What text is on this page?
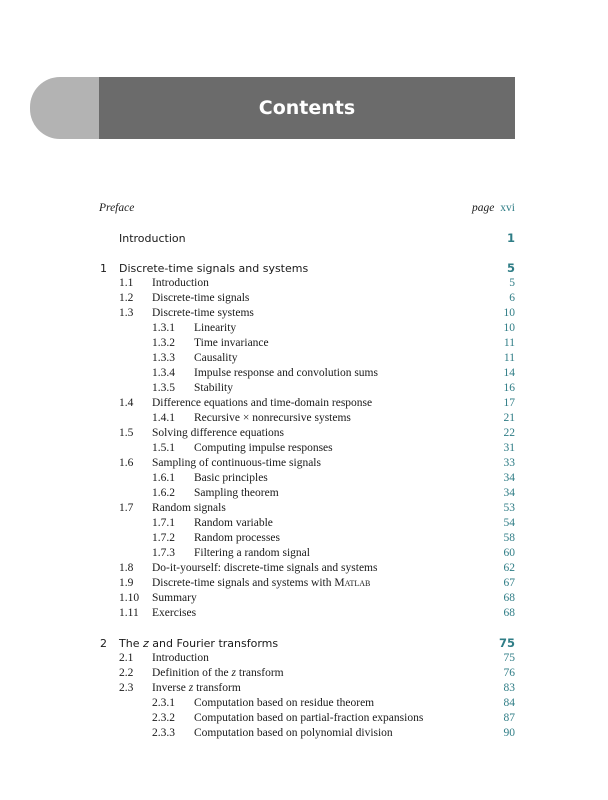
Contents
Preface	page xvi
Introduction	1
1 Discrete-time signals and systems	5
1.1 Introduction	5
1.2 Discrete-time signals	6
1.3 Discrete-time systems	10
1.3.1 Linearity	10
1.3.2 Time invariance	11
1.3.3 Causality	11
1.3.4 Impulse response and convolution sums	14
1.3.5 Stability	16
1.4 Difference equations and time-domain response	17
1.4.1 Recursive × nonrecursive systems	21
1.5 Solving difference equations	22
1.5.1 Computing impulse responses	31
1.6 Sampling of continuous-time signals	33
1.6.1 Basic principles	34
1.6.2 Sampling theorem	34
1.7 Random signals	53
1.7.1 Random variable	54
1.7.2 Random processes	58
1.7.3 Filtering a random signal	60
1.8 Do-it-yourself: discrete-time signals and systems	62
1.9 Discrete-time signals and systems with Matlab	67
1.10 Summary	68
1.11 Exercises	68
2 The z and Fourier transforms	75
2.1 Introduction	75
2.2 Definition of the z transform	76
2.3 Inverse z transform	83
2.3.1 Computation based on residue theorem	84
2.3.2 Computation based on partial-fraction expansions	87
2.3.3 Computation based on polynomial division	90
